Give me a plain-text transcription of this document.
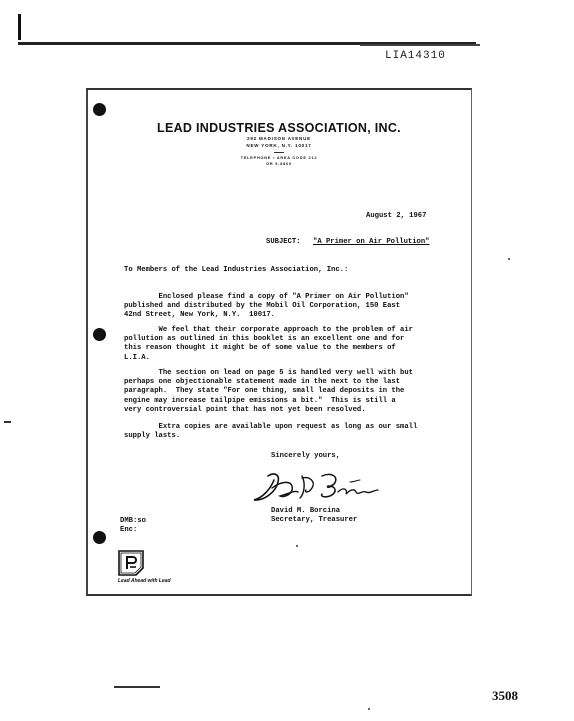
LIA14310
LEAD INDUSTRIES ASSOCIATION, INC.
292 MADISON AVENUE
NEW YORK, N.Y. 10017
TELEPHONE • AREA CODE 212
OR 9-8860
August 2, 1967
SUBJECT: "A Primer on Air Pollution"
To Members of the Lead Industries Association, Inc.:
Enclosed please find a copy of "A Primer on Air Pollution"
published and distributed by the Mobil Oil Corporation, 150 East
42nd Street, New York, N.Y.  10017.
We feel that their corporate approach to the problem of air
pollution as outlined in this booklet is an excellent one and for
this reason thought it might be of some value to the members of
L.I.A.
The section on lead on page 5 is handled very well with but
perhaps one objectionable statement made in the next to the last
paragraph.  They state "For one thing, small lead deposits in the
engine may increase tailpipe emissions a bit."  This is still a
very controversial point that has not yet been resolved.
Extra copies are available upon request as long as our small
supply lasts.
Sincerely yours,
David M. Borcina
Secretary, Treasurer
DMB:so
Enc:
Lead Ahead with Lead
3508
